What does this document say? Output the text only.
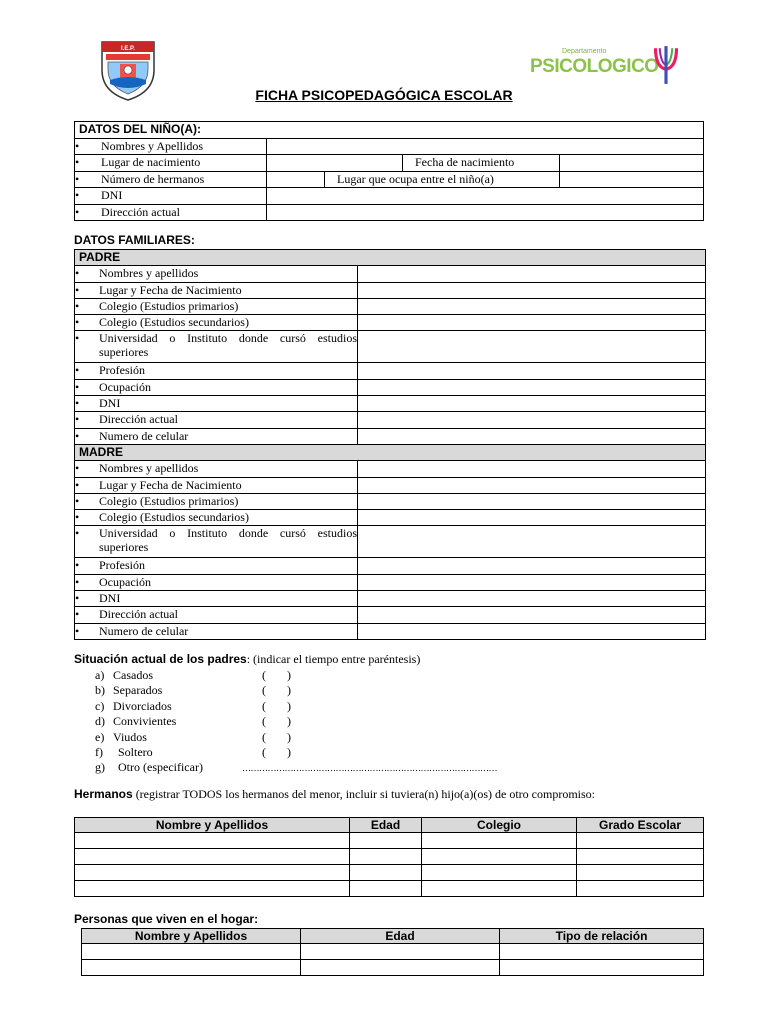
I.E.P.	Departamento
PSICOLOGICO
FICHA PSICOPEDAGÓGICA ESCOLAR
DATOS DEL NIÑO(A):				
• Nombres y Apellidos	
• Lugar de nacimiento			Fecha de nacimiento	
• Número de hermanos		Lugar que ocupa entre el niño(a)		
• DNI	
• Dirección actual	
DATOS FAMILIARES:
PADRE	
• Nombres y apellidos	
• Lugar y Fecha de Nacimiento	
• Colegio (Estudios primarios)	
• Colegio (Estudios secundarios)	
• Universidad o Instituto donde cursó estudios superiores	
• Profesión	
• Ocupación	
• DNI	
• Dirección actual	
• Numero de celular	
MADRE	
• Nombres y apellidos	
• Lugar y Fecha de Nacimiento	
• Colegio (Estudios primarios)	
• Colegio (Estudios secundarios)	
• Universidad o Instituto donde cursó estudios superiores	
• Profesión	
• Ocupación	
• DNI	
• Dirección actual	
• Numero de celular	
Situación actual de los padres: (indicar el tiempo entre paréntesis)
a) Casados	(       )
b) Separados	(       )
c) Divorciados	(       )
d) Convivientes	(       )
e) Viudos	(       )
f) Soltero	(       )
g) Otro (especificar)	………………………………………………………………………………
Hermanos (registrar TODOS los hermanos del menor, incluir si tuviera(n) hijo(a)(os) de otro compromiso:
Nombre y Apellidos	Edad	Colegio	Grado Escolar

Personas que viven en el hogar:
Nombre y Apellidos	Edad	Tipo de relación
